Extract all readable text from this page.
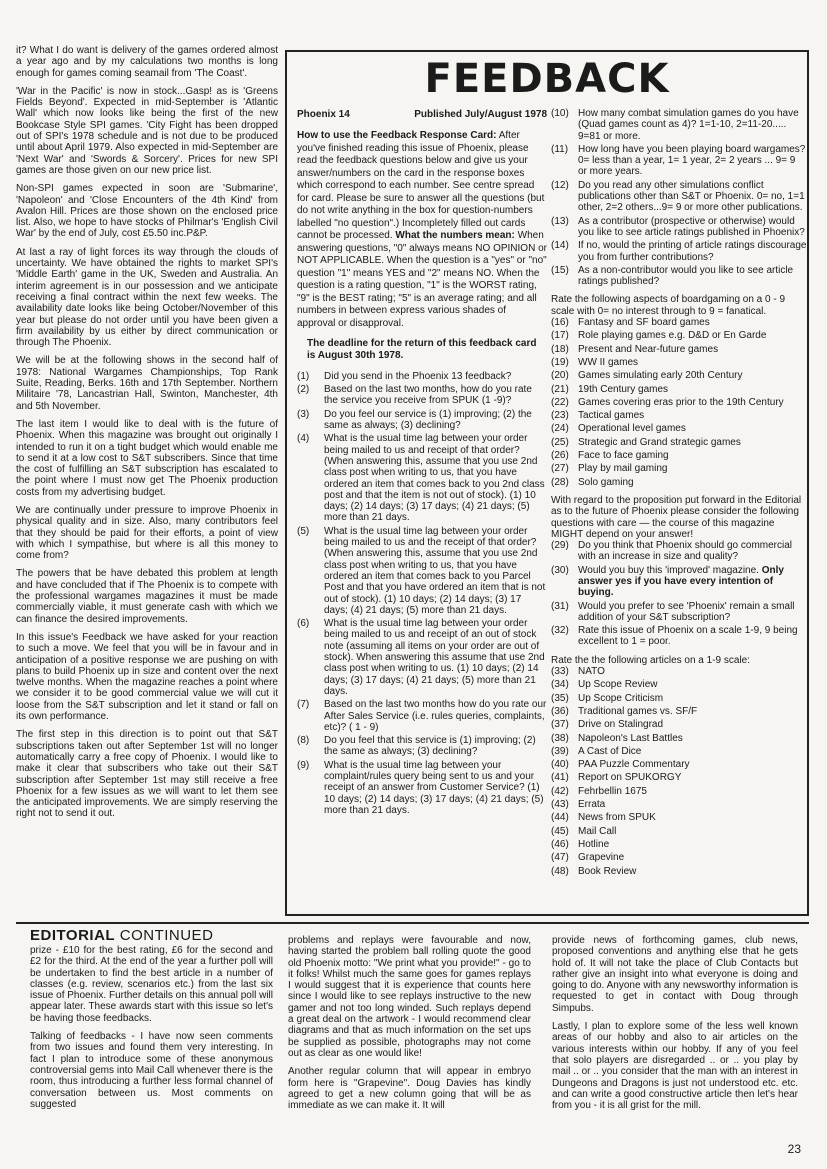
it? What I do want is delivery of the games ordered almost a year ago and by my calculations two months is long enough for games coming seamail from 'The Coast'.

'War in the Pacific' is now in stock...Gasp! as is 'Greens Fields Beyond'. Expected in mid-September is 'Atlantic Wall' which now looks like being the first of the new Bookcase Style SPI games. 'City Fight has been dropped out of SPI's 1978 schedule and is not due to be produced until about April 1979. Also expected in mid-September are 'Next War' and 'Swords & Sorcery'. Prices for new SPI games are those given on our new price list.

Non-SPI games expected in soon are 'Submarine', 'Napoleon' and 'Close Encounters of the 4th Kind' from Avalon Hill. Prices are those shown on the enclosed price list. Also, we hope to have stocks of Philmar's 'English Civil War' by the end of July, cost £5.50 inc.P&P.

At last a ray of light forces its way through the clouds of uncertainty. We have obtained the rights to market SPI's 'Middle Earth' game in the UK, Sweden and Australia. An interim agreement is in our possession and we anticipate receiving a final contract within the next few weeks. The availability date looks like being October/November of this year but please do not order until you have been given a firm availability by us either by direct communication or through The Phoenix.

We will be at the following shows in the second half of 1978: National Wargames Championships, Top Rank Suite, Reading, Berks. 16th and 17th September. Northern Militaire '78, Lancastrian Hall, Swinton, Manchester, 4th and 5th November.

The last item I would like to deal with is the future of Phoenix. When this magazine was brought out originally I intended to run it on a tight budget which would enable me to send it at a low cost to S&T subscribers. Since that time the cost of fulfilling an S&T subscription has escalated to the point where I must now get The Phoenix production costs from my advertising budget.

We are continually under pressure to improve Phoenix in physical quality and in size. Also, many contributors feel that they should be paid for their efforts, a point of view with which I sympathise, but where is all this money to come from?

The powers that be have debated this problem at length and have concluded that if The Phoenix is to compete with the professional wargames magazines it must be made commercially viable, it must generate cash with which we can finance the desired improvements.

In this issue's Feedback we have asked for your reaction to such a move. We feel that you will be in favour and in anticipation of a positive response we are pushing on with plans to build Phoenix up in size and content over the next twelve months. When the magazine reaches a point where we consider it to be good commercial value we will cut it loose from the S&T subscription and let it stand or fall on its own performance.

The first step in this direction is to point out that S&T subscriptions taken out after September 1st will no longer automatically carry a free copy of Phoenix. I would like to make it clear that subscribers who take out their S&T subscription after September 1st may still receive a free Phoenix for a few issues as we will want to let them see the anticipated improvements. We are simply reserving the right not to send it out.

FEEDBACK
Phoenix 14	Published July/August 1978
How to use the Feedback Response Card: After you've finished reading this issue of Phoenix, please read the feedback questions below and give us your answer/numbers on the card in the response boxes which correspond to each number. See centre spread for card. Please be sure to answer all the questions (but do not write anything in the box for question-numbers labelled "no question".) Incompletely filled out cards cannot be processed. What the numbers mean: When answering questions, "0" always means NO OPINION or NOT APPLICABLE. When the question is a "yes" or "no" question "1" means YES and "2" means NO. When the question is a rating question, "1" is the WORST rating, "9" is the BEST rating; "5" is an average rating; and all numbers in between express various shades of approval or disapproval.
The deadline for the return of this feedback card is August 30th 1978.
(1)	Did you send in the Phoenix 13 feedback?
(2)	Based on the last two months, how do you rate the service you receive from SPUK (1 -9)?
(3)	Do you feel our service is (1) improving; (2) the same as always; (3) declining?
(4)	What is the usual time lag between your order being mailed to us and receipt of that order? (When answering this, assume that you use 2nd class post when writing to us, that you have ordered an item that comes back to you 2nd class post and that the item is not out of stock). (1) 10 days; (2) 14 days; (3) 17 days; (4) 21 days; (5) more than 21 days.
(5)	What is the usual time lag between your order being mailed to us and the receipt of that order? (When answering this, assume that you use 2nd class post when writing to us, that you have ordered an item that comes back to you Parcel Post and that you have ordered an item that is not out of stock). (1) 10 days; (2) 14 days; (3) 17 days; (4) 21 days; (5) more than 21 days.
(6)	What is the usual time lag between your order being mailed to us and receipt of an out of stock note (assuming all items on your order are out of stock). When answering this assume that use 2nd class post when writing to us. (1) 10 days; (2) 14 days; (3) 17 days; (4) 21 days; (5) more than 21 days.
(7)	Based on the last two months how do you rate our After Sales Service (i.e. rules queries, complaints, etc)? ( 1 - 9)
(8)	Do you feel that this service is (1) improving; (2) the same as always; (3) declining?
(9)	What is the usual time lag between your complaint/rules query being sent to us and your receipt of an answer from Customer Service? (1) 10 days; (2) 14 days; (3) 17 days; (4) 21 days; (5) more than 21 days.
(10) How many combat simulation games do you have (Quad games count as 4)? 1=1-10, 2=11-20..... 9=81 or more.
(11) How long have you been playing board wargames? 0= less than a year, 1= 1 year, 2= 2 years ... 9= 9 or more years.
(12) Do you read any other simulations conflict publications other than S&T or Phoenix. 0= no, 1=1 other, 2=2 others...9= 9 or more other publications.
(13) As a contributor (prospective or otherwise) would you like to see article ratings published in Phoenix?
(14) If no, would the printing of article ratings discourage you from further contributions?
(15) As a non-contributor would you like to see article ratings published?
Rate the following aspects of boardgaming on a 0 - 9 scale with 0= no interest through to 9 = fanatical.
(16) Fantasy and SF board games
(17) Role playing games e.g. D&D or En Garde
(18) Present and Near-future games
(19) WW II games
(20) Games simulating early 20th Century
(21) 19th Century games
(22) Games covering eras prior to the 19th Century
(23) Tactical games
(24) Operational level games
(25) Strategic and Grand strategic games
(26) Face to face gaming
(27) Play by mail gaming
(28) Solo gaming
With regard to the proposition put forward in the Editorial as to the future of Phoenix please consider the following questions with care — the course of this magazine MIGHT depend on your answer!
(29) Do you think that Phoenix should go commercial with an increase in size and quality?
(30) Would you buy this 'improved' magazine. Only answer yes if you have every intention of buying.
(31) Would you prefer to see 'Phoenix' remain a small addition of your S&T subscription?
(32) Rate this issue of Phoenix on a scale 1-9, 9 being excellent to 1 = poor.
Rate the the following articles on a 1-9 scale:
(33) NATO
(34) Up Scope Review
(35) Up Scope Criticism
(36) Traditional games vs. SF/F
(37) Drive on Stalingrad
(38) Napoleon's Last Battles
(39) A Cast of Dice
(40) PAA Puzzle Commentary
(41) Report on SPUKORGY
(42) Fehrbellin 1675
(43) Errata
(44) News from SPUK
(45) Mail Call
(46) Hotline
(47) Grapevine
(48) Book Review
EDITORIAL CONTINUED

prize - £10 for the best rating, £6 for the second and £2 for the third. At the end of the year a further poll will be undertaken to find the best article in a number of classes (e.g. review, scenarios etc.) from the last six issue of Phoenix. Further details on this annual poll will appear later. These awards start with this issue so let's be having those feedbacks.

Talking of feedbacks - I have now seen comments from two issues and found them very interesting. In fact I plan to introduce some of these anonymous controversial gems into Mail Call whenever there is the room, thus introducing a further less formal channel of conversation between us. Most comments on suggested

problems and replays were favourable and now, having started the problem ball rolling quote the good old Phoenix motto: "We print what you provide!" - go to it folks! Whilst much the same goes for games replays I would suggest that it is experience that counts here since I would like to see replays instructive to the new gamer and not too long winded. Such replays depend a great deal on the artwork - I would recommend clear diagrams and that as much information on the set ups be supplied as possible, photographs may not come out as clear as one would like!

Another regular column that will appear in embryo form here is "Grapevine". Doug Davies has kindly agreed to get a new column going that will be as immediate as we can make it. It will

provide news of forthcoming games, club news, proposed conventions and anything else that he gets hold of. It will not take the place of Club Contacts but rather give an insight into what everyone is doing and going to do. Anyone with any newsworthy information is requested to get in contact with Doug through Simpubs.

Lastly, I plan to explore some of the less well known areas of our hobby and also to air articles on the various interests within our hobby. If any of you feel that solo players are disregarded .. or .. you play by mail .. or .. you consider that the man with an interest in Dungeons and Dragons is just not understood etc. etc. and can write a good constructive article then let's hear from you - it is all grist for the mill.

23
